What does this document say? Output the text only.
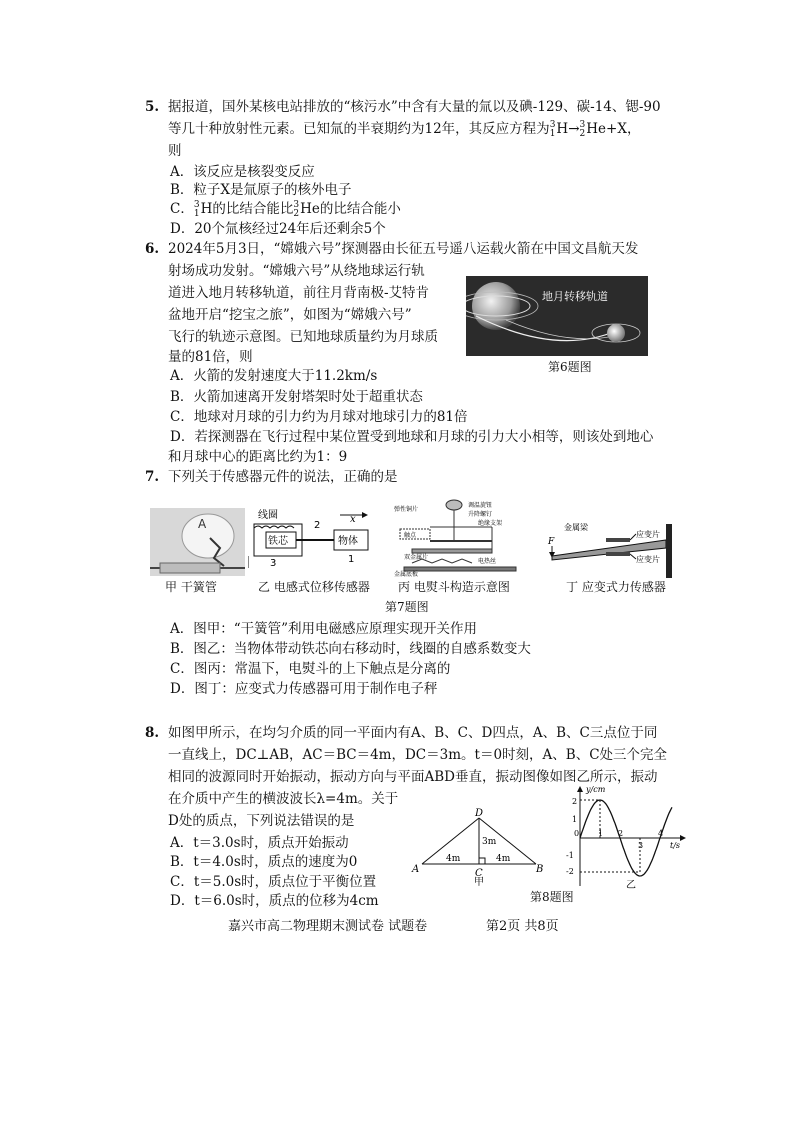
5. 据报道，国外某核电站排放的“核污水”中含有大量的氚以及碘-129、碳-14、锶-90
等几十种放射性元素。已知氚的半衰期约为12年，其反应方程为3
1H→3
2He+X，
则
A．该反应是核裂变反应
B．粒子X是氚原子的核外电子
C．3
1H的比结合能比3
2He的比结合能小
D．20个氚核经过24年后还剩余5个
6. 2024年5月3日，“嫦娥六号”探测器由长征五号遥八运载火箭在中国文昌航天发
射场成功发射。“嫦娥六号”从绕地球运行轨
道进入地月转移轨道，前往月背南极-艾特肯
盆地开启“挖宝之旅”，如图为“嫦娥六号”
飞行的轨迹示意图。已知地球质量约为月球质
量的81倍，则
地月转移轨道
第6题图
A．火箭的发射速度大于11.2km/s
B．火箭加速离开发射塔架时处于超重状态
C．地球对月球的引力约为月球对地球引力的81倍
D．若探测器在飞行过程中某位置受到地球和月球的引力大小相等，则该处到地心
和月球中心的距离比约为1：9
7. 下列关于传感器元件的说法，正确的是
A
甲 干簧管
线圈
2
x
铁芯	物体
3	1
乙 电感式位移传感器
调温旋钮
升降螺钉
绝缘支架
弹性铜片
触点
双金属片
电热丝
金属底板
丙 电熨斗构造示意图
金属梁
应变片
应变片
F
丁 应变式力传感器
第7题图
A．图甲：“干簧管”利用电磁感应原理实现开关作用
B．图乙：当物体带动铁芯向右移动时，线圈的自感系数变大
C．图丙：常温下，电熨斗的上下触点是分离的
D．图丁：应变式力传感器可用于制作电子秤
8. 如图甲所示，在均匀介质的同一平面内有A、B、C、D四点，A、B、C三点位于同
一直线上，DC⊥AB，AC＝BC＝4m，DC＝3m。t＝0时刻，A、B、C处三个完全
相同的波源同时开始振动，振动方向与平面ABD垂直，振动图像如图乙所示，振动
在介质中产生的横波波长λ=4m。关于
D处的质点，下列说法错误的是
A．t＝3.0s时，质点开始振动
B．t＝4.0s时，质点的速度为0
C．t＝5.0s时，质点位于平衡位置
D．t＝6.0s时，质点的位移为4cm
A	B
C
D
4m	4m
3m
甲
y/cm
t/s
2
1
-1
-2
0 1 2
3
4
乙
第8题图
嘉兴市高二物理期末测试卷 试题卷	第2页 共8页
